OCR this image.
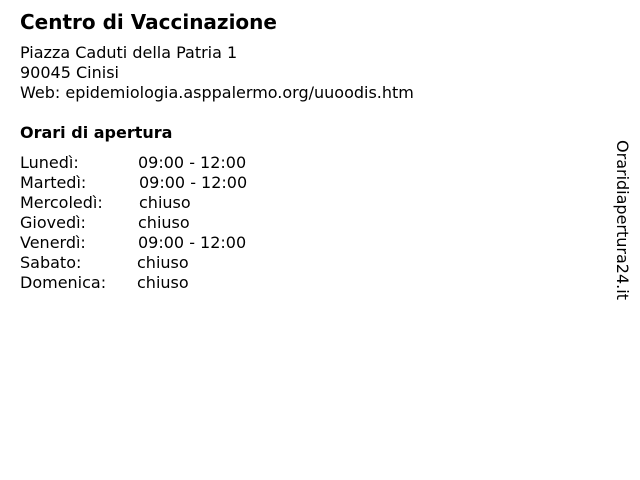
Centro di Vaccinazione
Piazza Caduti della Patria 1
90045 Cinisi
Web: epidemiologia.asppalermo.org/uuoodis.htm
Orari di apertura
Lunedì:	09:00 - 12:00
Martedì:	09:00 - 12:00
Mercoledì: chiuso
Giovedì:	chiuso
Venerdì:	09:00 - 12:00
Sabato:	chiuso
Domenica: chiuso	Oraridiapertura24.it
